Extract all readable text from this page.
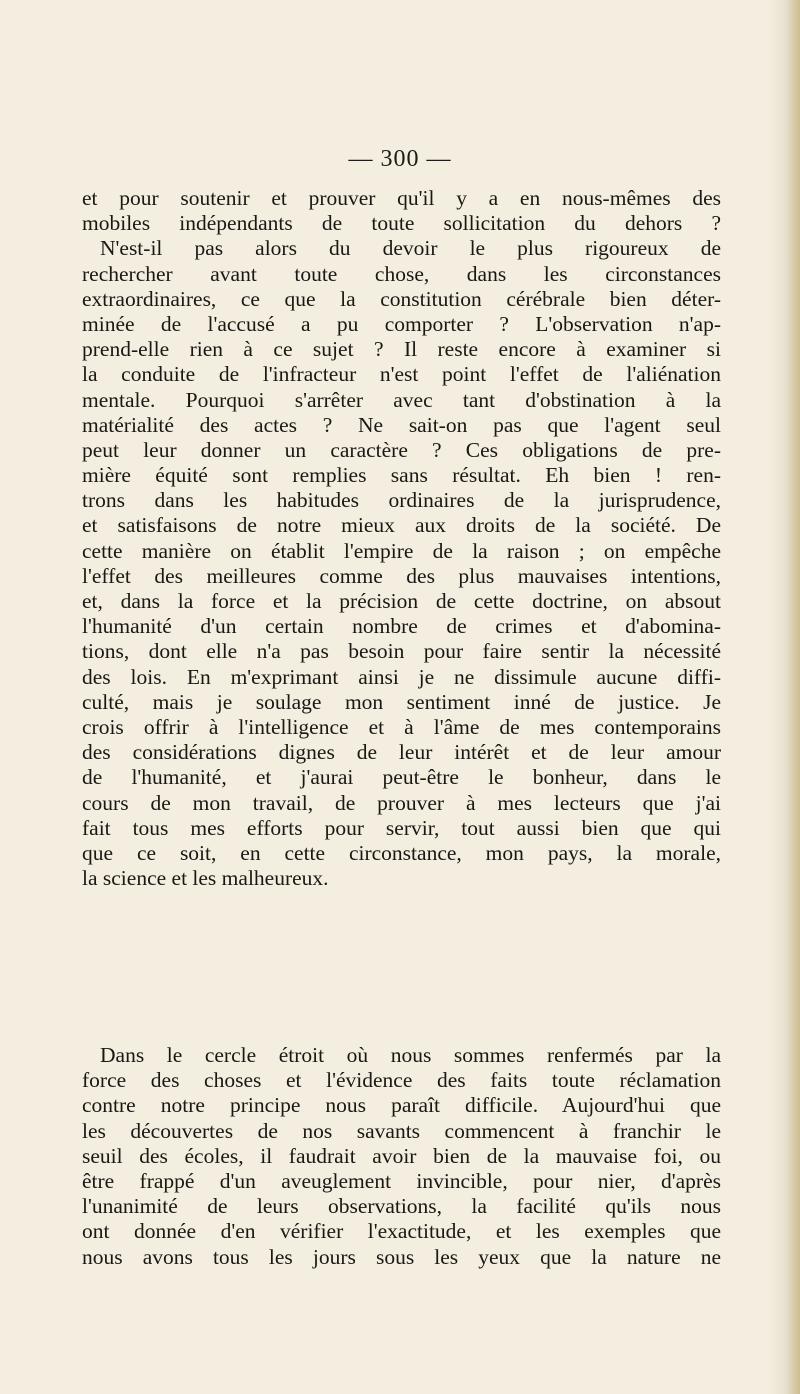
— 300 —
et pour soutenir et prouver qu'il y a en nous-mêmes des
mobiles indépendants de toute sollicitation du dehors ?
N'est-il pas alors du devoir le plus rigoureux de
rechercher avant toute chose, dans les circonstances
extraordinaires, ce que la constitution cérébrale bien déter-
minée de l'accusé a pu comporter ? L'observation n'ap-
prend-elle rien à ce sujet ? Il reste encore à examiner si
la conduite de l'infracteur n'est point l'effet de l'aliénation
mentale. Pourquoi s'arrêter avec tant d'obstination à la
matérialité des actes ? Ne sait-on pas que l'agent seul
peut leur donner un caractère ? Ces obligations de pre-
mière équité sont remplies sans résultat. Eh bien ! ren-
trons dans les habitudes ordinaires de la jurisprudence,
et satisfaisons de notre mieux aux droits de la société. De
cette manière on établit l'empire de la raison ; on empêche
l'effet des meilleures comme des plus mauvaises intentions,
et, dans la force et la précision de cette doctrine, on absout
l'humanité d'un certain nombre de crimes et d'abomina-
tions, dont elle n'a pas besoin pour faire sentir la nécessité
des lois. En m'exprimant ainsi je ne dissimule aucune diffi-
culté, mais je soulage mon sentiment inné de justice. Je
crois offrir à l'intelligence et à l'âme de mes contemporains
des considérations dignes de leur intérêt et de leur amour
de l'humanité, et j'aurai peut-être le bonheur, dans le
cours de mon travail, de prouver à mes lecteurs que j'ai
fait tous mes efforts pour servir, tout aussi bien que qui
que ce soit, en cette circonstance, mon pays, la morale,
la science et les malheureux.
Dans le cercle étroit où nous sommes renfermés par la
force des choses et l'évidence des faits toute réclamation
contre notre principe nous paraît difficile. Aujourd'hui que
les découvertes de nos savants commencent à franchir le
seuil des écoles, il faudrait avoir bien de la mauvaise foi, ou
être frappé d'un aveuglement invincible, pour nier, d'après
l'unanimité de leurs observations, la facilité qu'ils nous
ont donnée d'en vérifier l'exactitude, et les exemples que
nous avons tous les jours sous les yeux que la nature ne
